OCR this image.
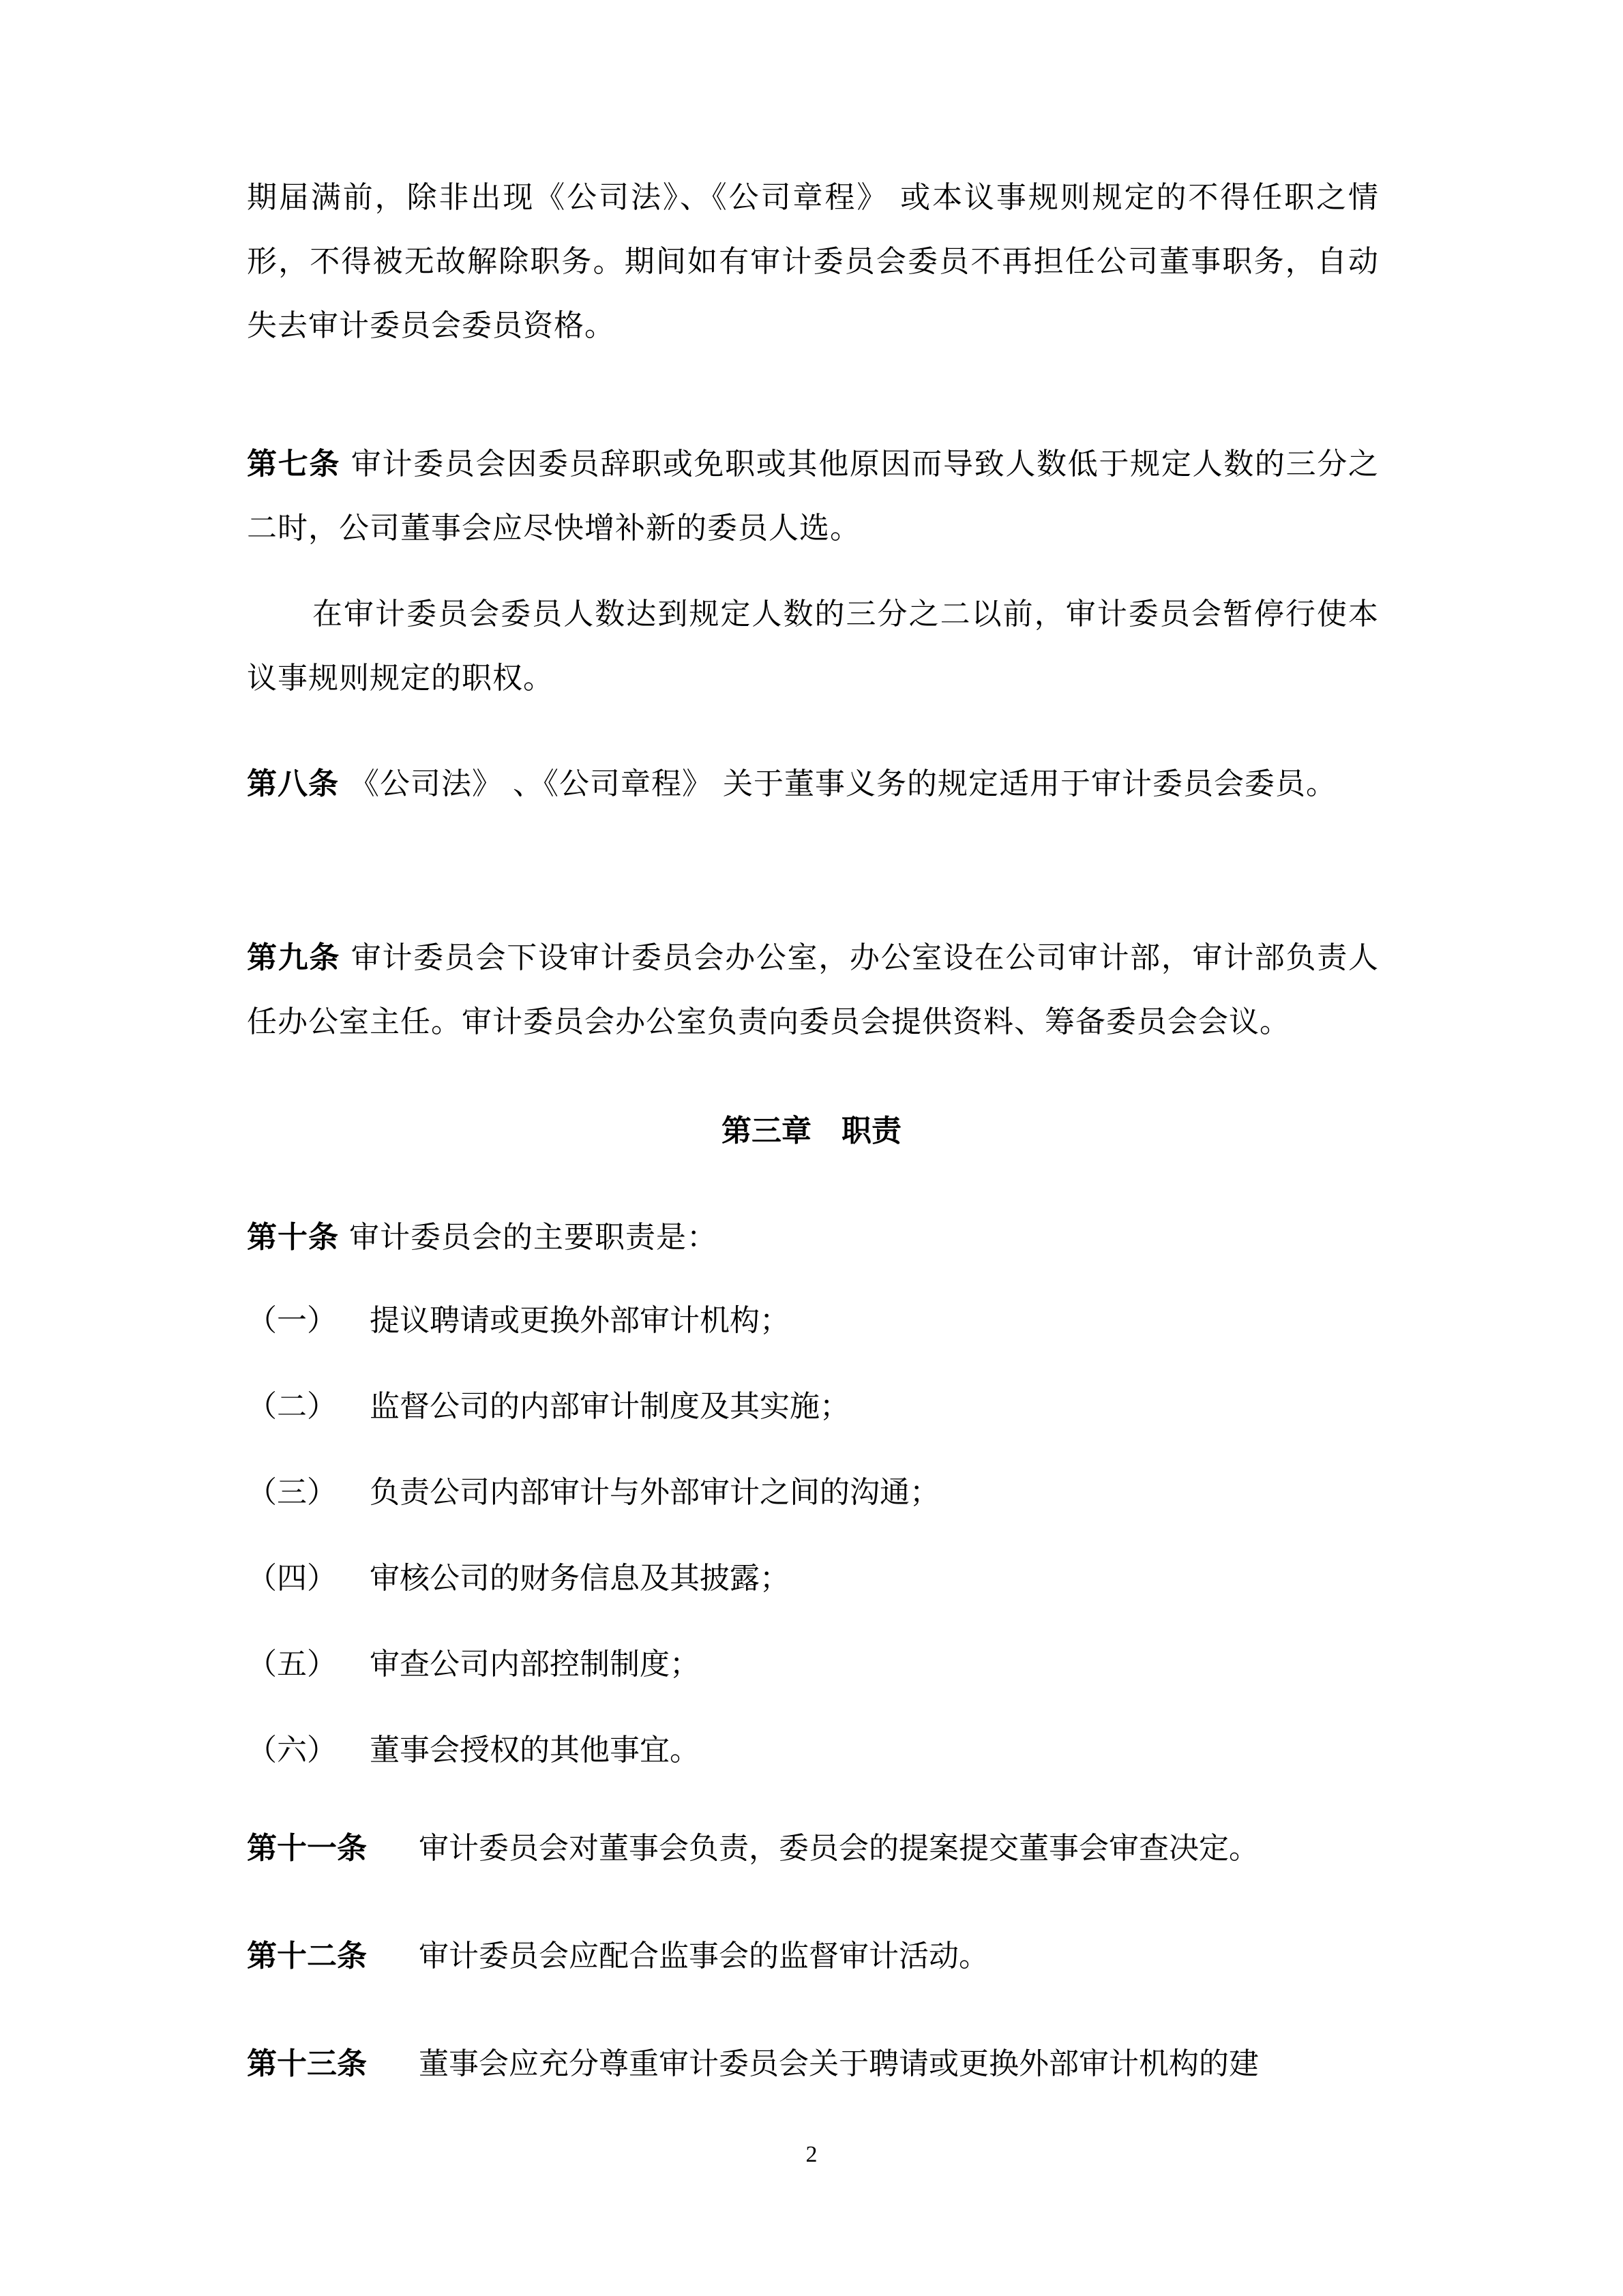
期届满前，除非出现《公司法》、《公司章程》 或本议事规则规定的不得任职之情形，不得被无故解除职务。期间如有审计委员会委员不再担任公司董事职务，自动失去审计委员会委员资格。

第七条 审计委员会因委员辞职或免职或其他原因而导致人数低于规定人数的三分之二时，公司董事会应尽快增补新的委员人选。

在审计委员会委员人数达到规定人数的三分之二以前，审计委员会暂停行使本议事规则规定的职权。

第八条 《公司法》 、《公司章程》 关于董事义务的规定适用于审计委员会委员。

第九条 审计委员会下设审计委员会办公室，办公室设在公司审计部，审计部负责人任办公室主任。审计委员会办公室负责向委员会提供资料、筹备委员会会议。

第三章 职责

第十条 审计委员会的主要职责是：

（一） 提议聘请或更换外部审计机构；
（二） 监督公司的内部审计制度及其实施；
（三） 负责公司内部审计与外部审计之间的沟通；
（四） 审核公司的财务信息及其披露；
（五） 审查公司内部控制制度；
（六） 董事会授权的其他事宜。
第十一条 审计委员会对董事会负责，委员会的提案提交董事会审查决定。
第十二条 审计委员会应配合监事会的监督审计活动。
第十三条 董事会应充分尊重审计委员会关于聘请或更换外部审计机构的建
2
